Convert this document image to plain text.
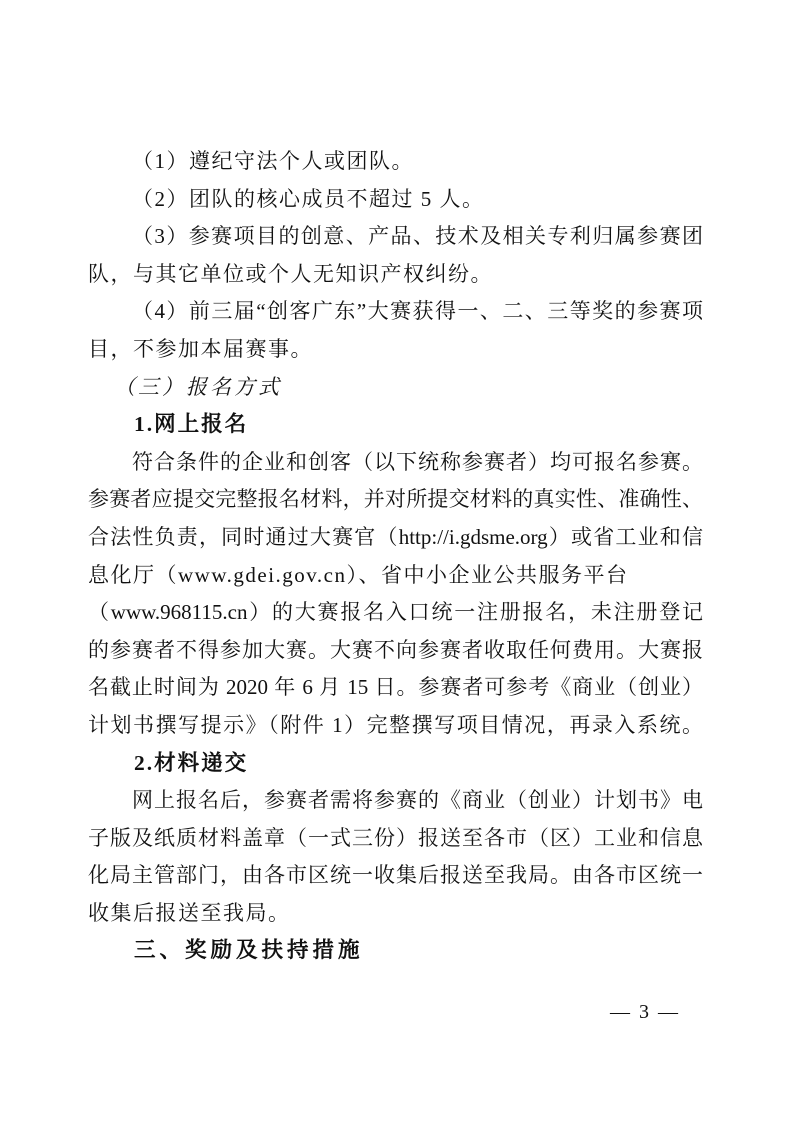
（1）遵纪守法个人或团队。
（2）团队的核心成员不超过 5 人。
（3）参赛项目的创意、产品、技术及相关专利归属参赛团
队，与其它单位或个人无知识产权纠纷。
（4）前三届“创客广东”大赛获得一、二、三等奖的参赛项
目，不参加本届赛事。
（三）报名方式
1.网上报名
符合条件的企业和创客（以下统称参赛者）均可报名参赛。
参赛者应提交完整报名材料，并对所提交材料的真实性、准确性、
合法性负责，同时通过大赛官（http://i.gdsme.org）或省工业和信
息化厅（www.gdei.gov.cn）、省中小企业公共服务平台
（www.968115.cn）的大赛报名入口统一注册报名，未注册登记
的参赛者不得参加大赛。大赛不向参赛者收取任何费用。大赛报
名截止时间为 2020 年 6 月 15 日。参赛者可参考《商业（创业）
计划书撰写提示》（附件 1）完整撰写项目情况，再录入系统。
2.材料递交
网上报名后，参赛者需将参赛的《商业（创业）计划书》电
子版及纸质材料盖章（一式三份）报送至各市（区）工业和信息
化局主管部门，由各市区统一收集后报送至我局。由各市区统一
收集后报送至我局。
三、奖励及扶持措施
— 3 —
